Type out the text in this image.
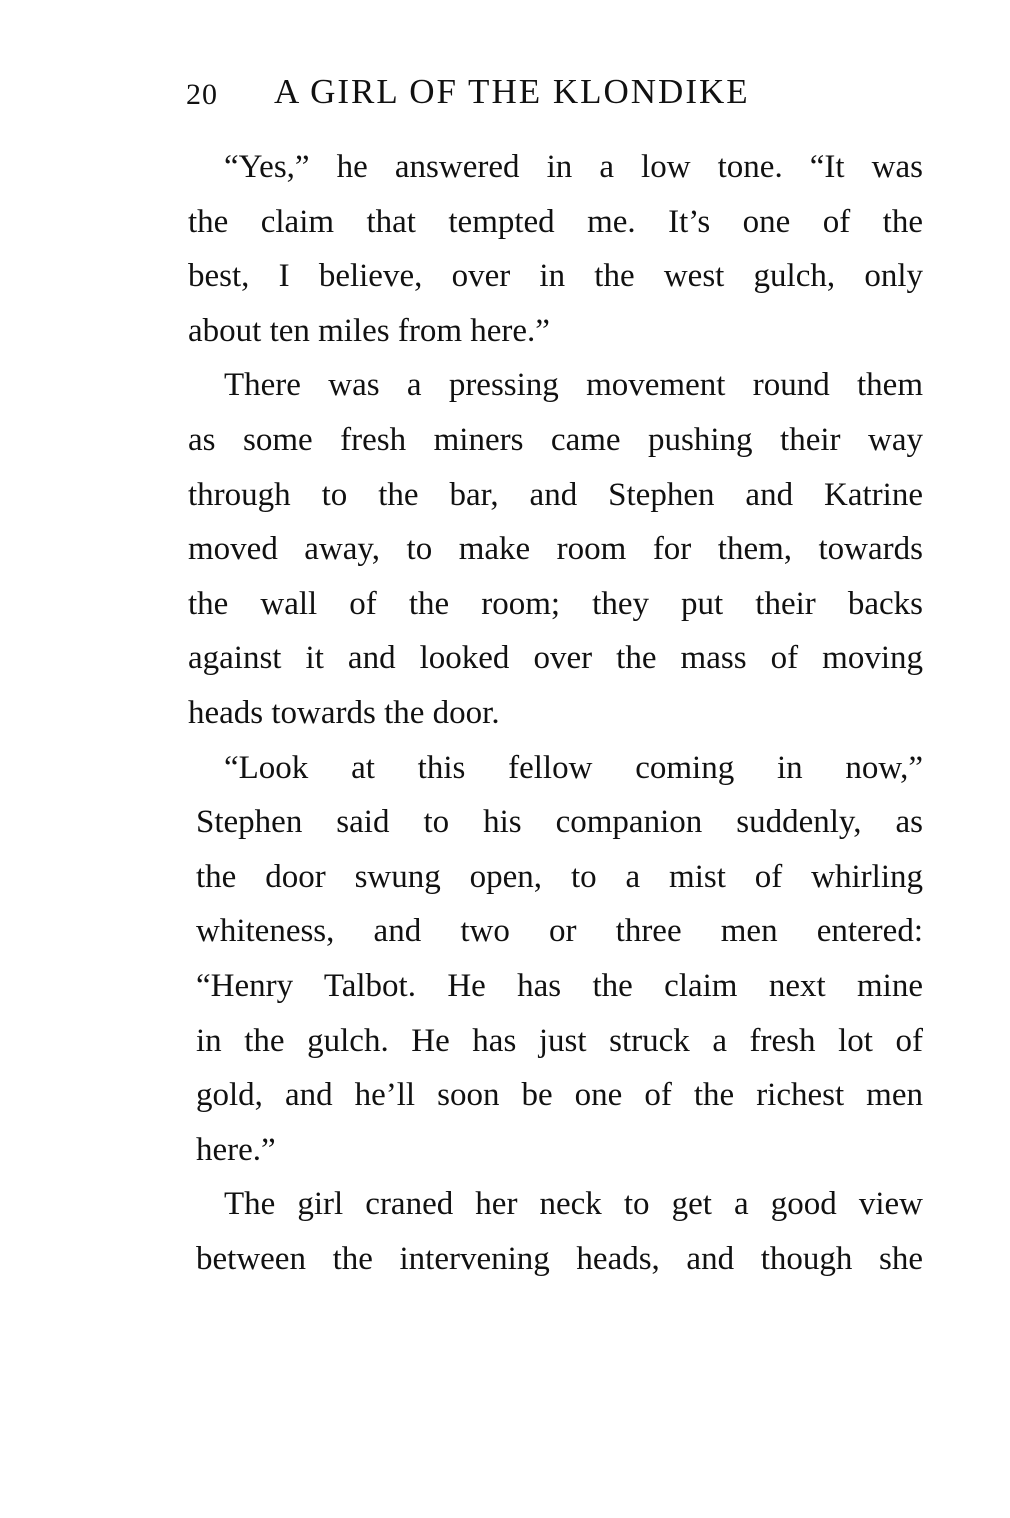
20 A GIRL OF THE KLONDIKE
“Yes,” he answered in a low tone. “It was
the claim that tempted me. It’s one of the
best, I believe, over in the west gulch, only
about ten miles from here.”
There was a pressing movement round them
as some fresh miners came pushing their way
through to the bar, and Stephen and Katrine
moved away, to make room for them, towards
the wall of the room; they put their backs
against it and looked over the mass of moving
heads towards the door.
“Look at this fellow coming in now,”
Stephen said to his companion suddenly, as
the door swung open, to a mist of whirling
whiteness, and two or three men entered:
“Henry Talbot. He has the claim next mine
in the gulch. He has just struck a fresh lot of
gold, and he’ll soon be one of the richest men
here.”
The girl craned her neck to get a good view
between the intervening heads, and though she
